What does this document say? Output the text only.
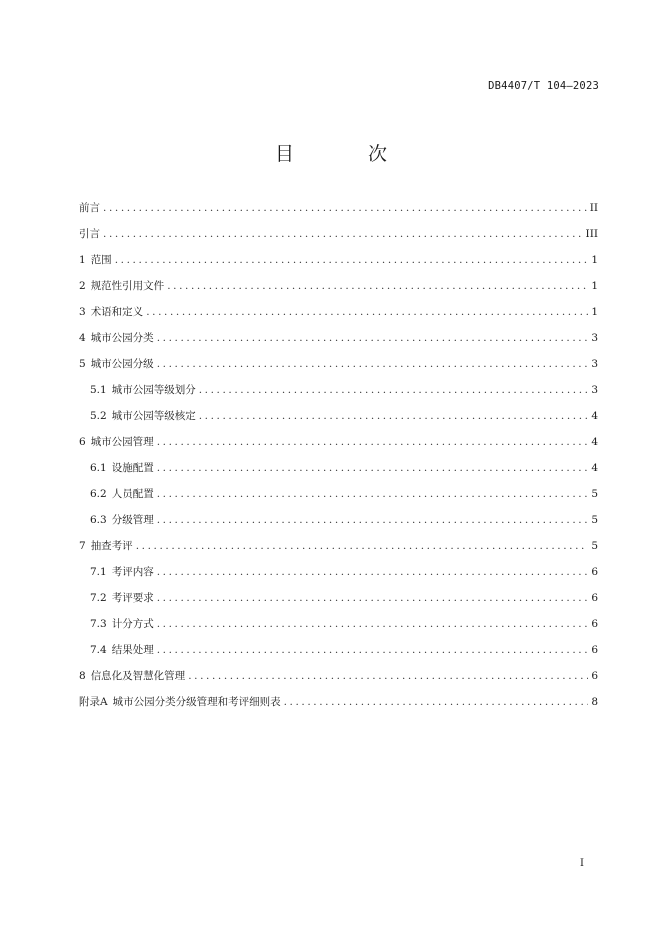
DB4407/T 104—2023
目 次
前言 .....	II
引言 .....	III
1 范围 .....	1
2 规范性引用文件 .....	1
3 术语和定义 .....	1
4 城市公园分类 .....	3
5 城市公园分级 .....	3
5.1 城市公园等级划分 .....	3
5.2 城市公园等级核定 .....	4
6 城市公园管理 .....	4
6.1 设施配置 .....	4
6.2 人员配置 .....	5
6.3 分级管理 .....	5
7 抽查考评 .....	5
7.1 考评内容 .....	6
7.2 考评要求 .....	6
7.3 计分方式 .....	6
7.4 结果处理 .....	6
8 信息化及智慧化管理 .....	6
附录A 城市公园分类分级管理和考评细则表 .....	8
I
